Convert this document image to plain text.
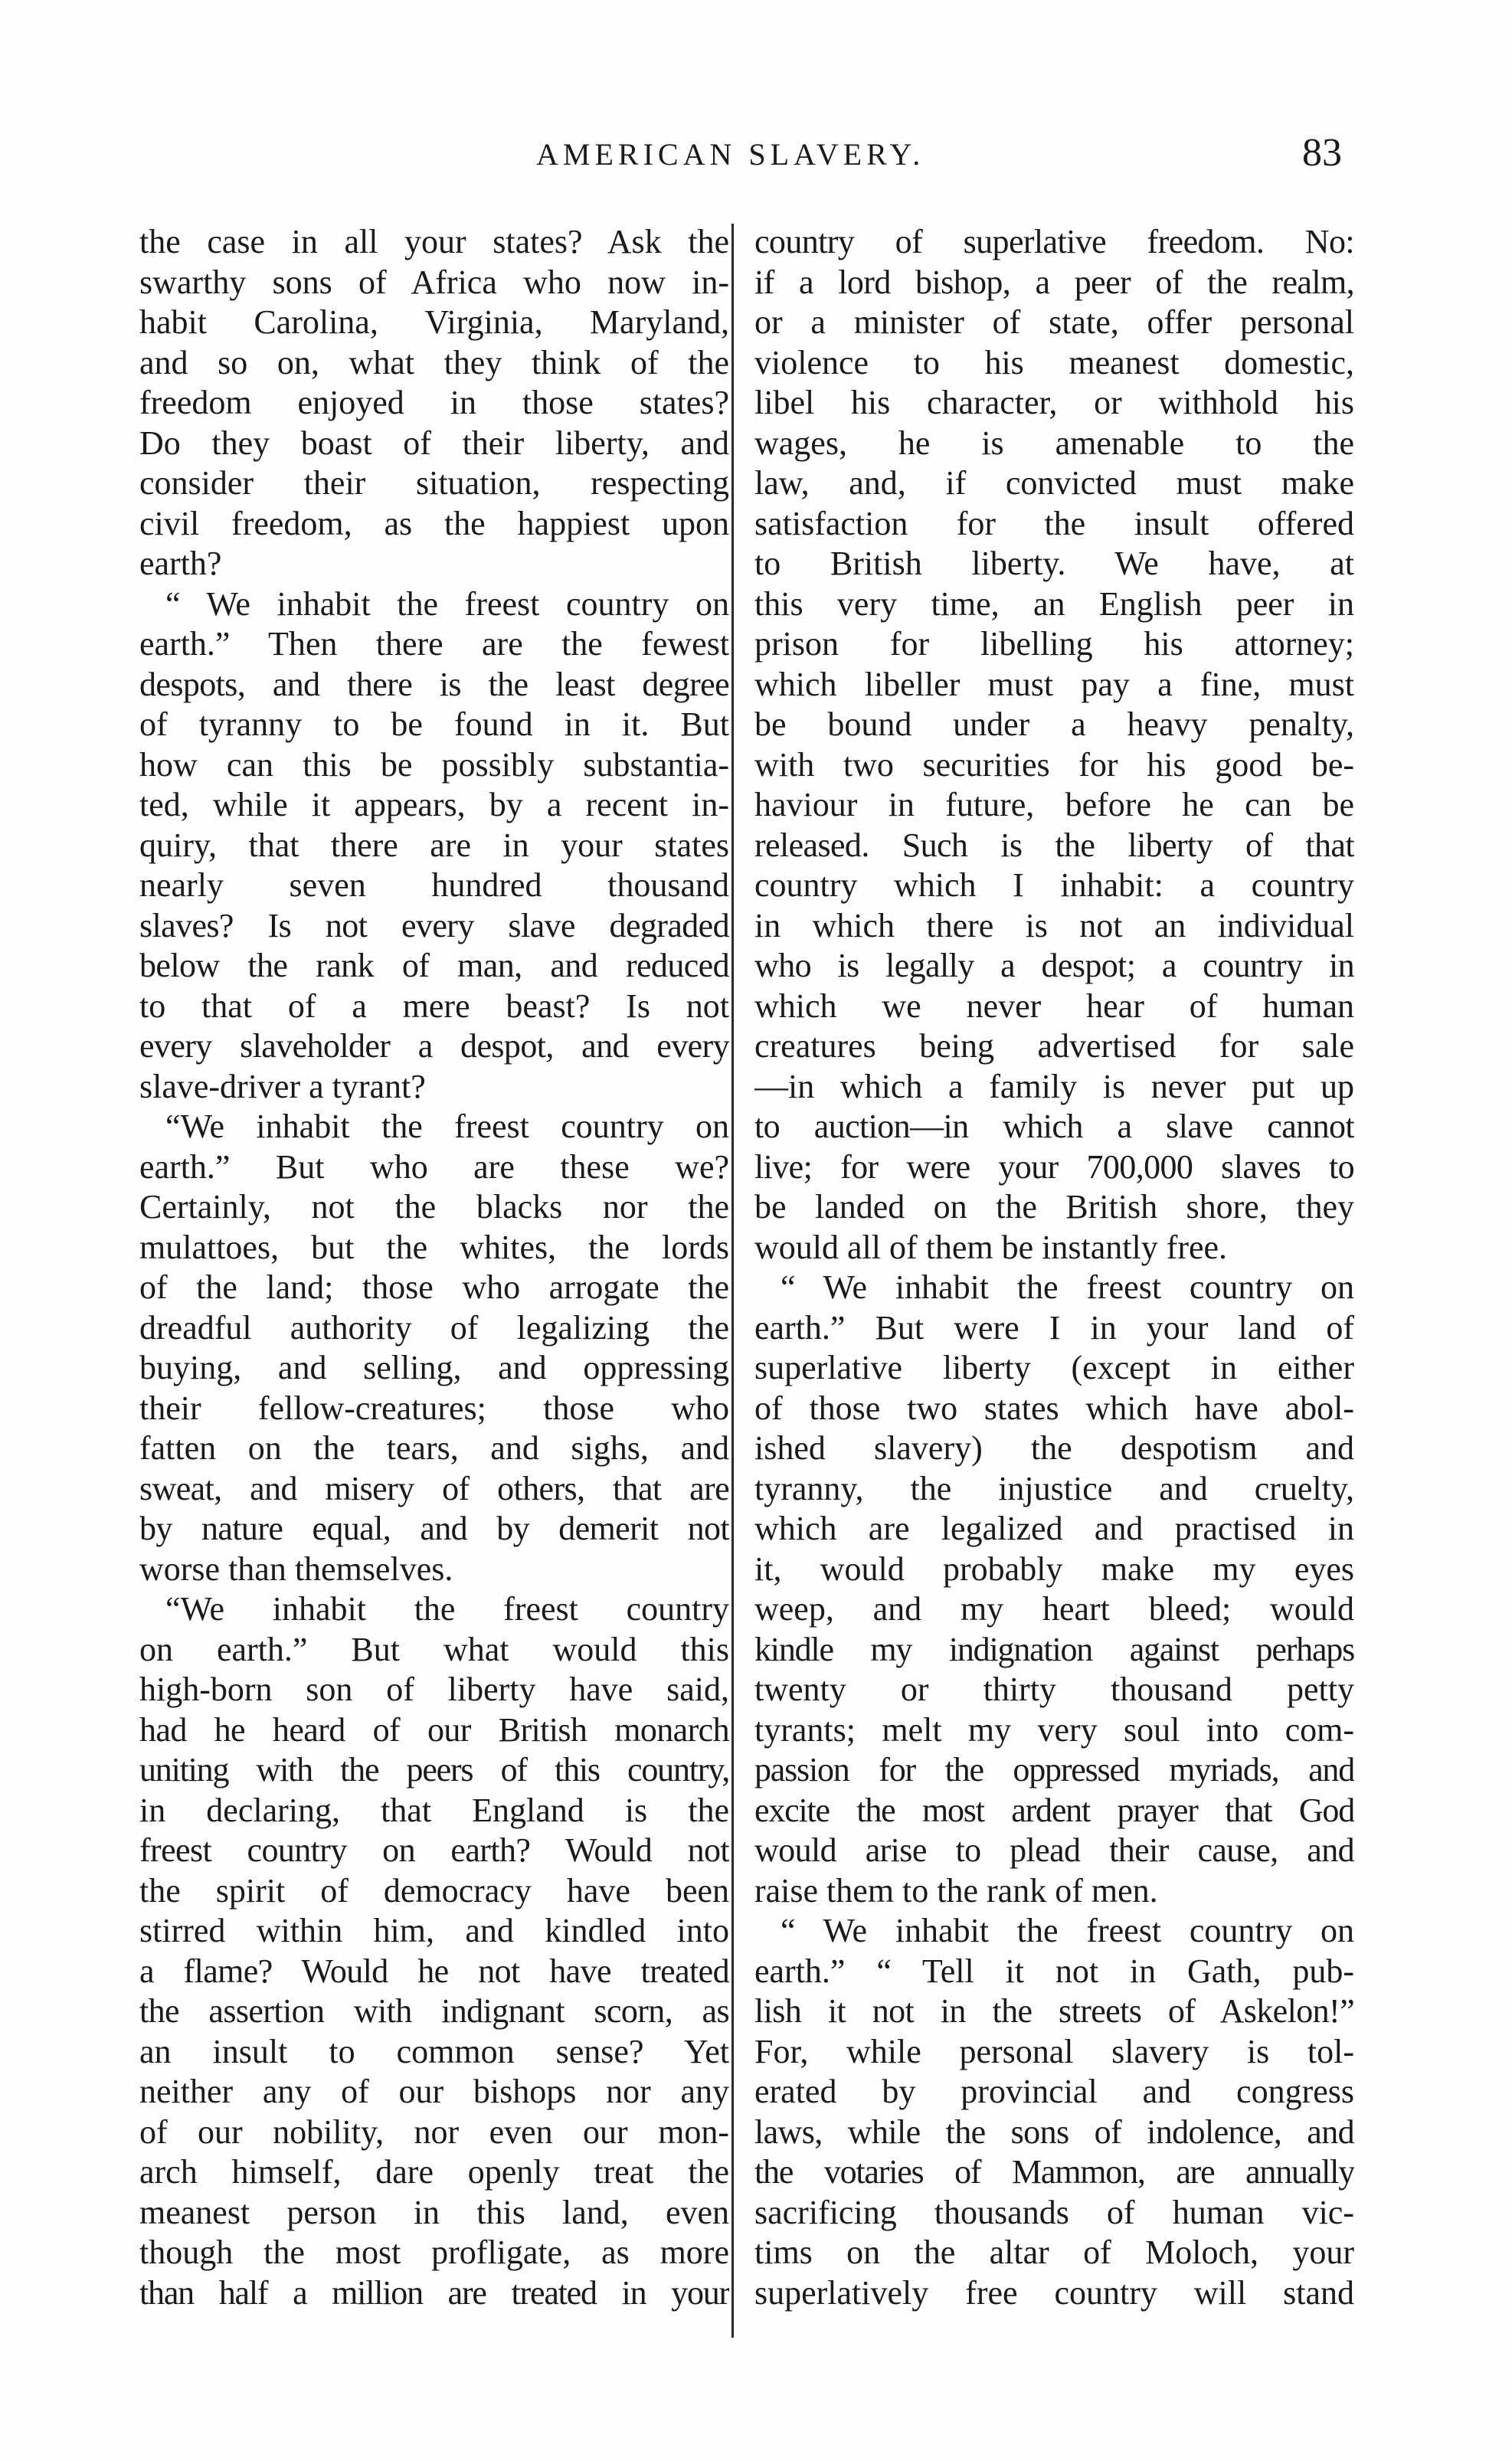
AMERICAN SLAVERY.	83
the case in all your states? Ask the
swarthy sons of Africa who now in-
habit Carolina, Virginia, Maryland,
and so on, what they think of the
freedom enjoyed in those states?
Do they boast of their liberty, and
consider their situation, respecting
civil freedom, as the happiest upon
earth?
“ We inhabit the freest country on
earth.” Then there are the fewest
despots, and there is the least degree
of tyranny to be found in it. But
how can this be possibly substantia-
ted, while it appears, by a recent in-
quiry, that there are in your states
nearly seven hundred thousand
slaves? Is not every slave degraded
below the rank of man, and reduced
to that of a mere beast? Is not
every slaveholder a despot, and every
slave-driver a tyrant?
“We inhabit the freest country on
earth.” But who are these we?
Certainly, not the blacks nor the
mulattoes, but the whites, the lords
of the land; those who arrogate the
dreadful authority of legalizing the
buying, and selling, and oppressing
their fellow-creatures; those who
fatten on the tears, and sighs, and
sweat, and misery of others, that are
by nature equal, and by demerit not
worse than themselves.
“We inhabit the freest country
on earth.” But what would this
high-born son of liberty have said,
had he heard of our British monarch
uniting with the peers of this country,
in declaring, that England is the
freest country on earth? Would not
the spirit of democracy have been
stirred within him, and kindled into
a flame? Would he not have treated
the assertion with indignant scorn, as
an insult to common sense? Yet
neither any of our bishops nor any
of our nobility, nor even our mon-
arch himself, dare openly treat the
meanest person in this land, even
though the most profligate, as more
than half a million are treated in your
country of superlative freedom. No:
if a lord bishop, a peer of the realm,
or a minister of state, offer personal
violence to his meanest domestic,
libel his character, or withhold his
wages, he is amenable to the
law, and, if convicted must make
satisfaction for the insult offered
to British liberty. We have, at
this very time, an English peer in
prison for libelling his attorney;
which libeller must pay a fine, must
be bound under a heavy penalty,
with two securities for his good be-
haviour in future, before he can be
released. Such is the liberty of that
country which I inhabit: a country
in which there is not an individual
who is legally a despot; a country in
which we never hear of human
creatures being advertised for sale
—in which a family is never put up
to auction—in which a slave cannot
live; for were your 700,000 slaves to
be landed on the British shore, they
would all of them be instantly free.
“ We inhabit the freest country on
earth.” But were I in your land of
superlative liberty (except in either
of those two states which have abol-
ished slavery) the despotism and
tyranny, the injustice and cruelty,
which are legalized and practised in
it, would probably make my eyes
weep, and my heart bleed; would
kindle my indignation against perhaps
twenty or thirty thousand petty
tyrants; melt my very soul into com-
passion for the oppressed myriads, and
excite the most ardent prayer that God
would arise to plead their cause, and
raise them to the rank of men.
“ We inhabit the freest country on
earth.” “ Tell it not in Gath, pub-
lish it not in the streets of Askelon!”
For, while personal slavery is tol-
erated by provincial and congress
laws, while the sons of indolence, and
the votaries of Mammon, are annually
sacrificing thousands of human vic-
tims on the altar of Moloch, your
superlatively free country will stand
